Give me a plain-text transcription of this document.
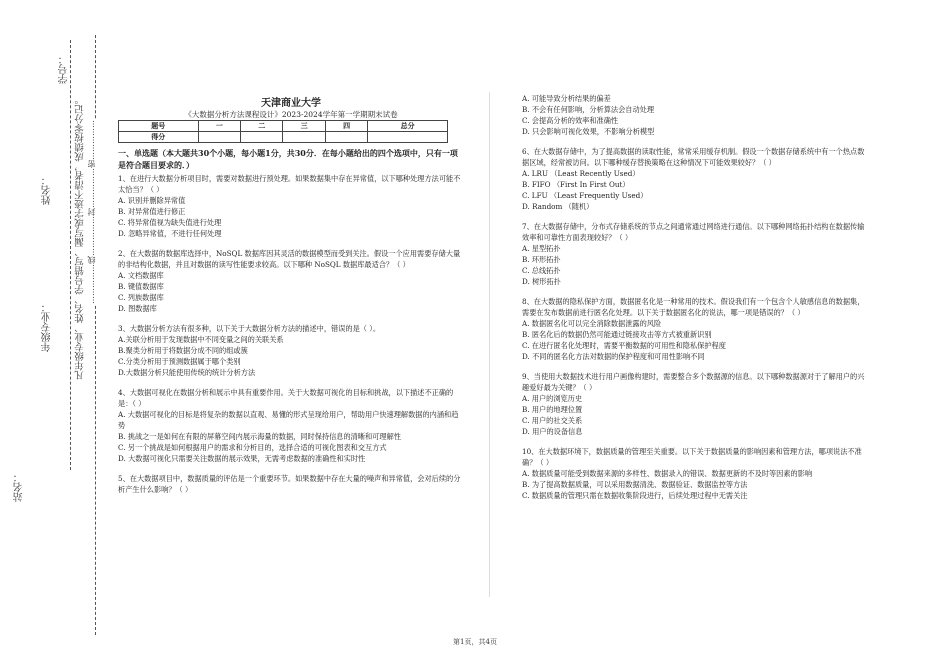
站名：
年级专业：
姓名：
学号：
凡年级专业、姓名、学号错写、漏写或字迹不清者，成绩按零分记。 ……………线……………封……………密……………

天津商业大学

《大数据分析方法课程设计》2023-2024学年第一学期期末试卷

题号	一	二	三	四	总分
得分					
一、单选题（本大题共30个小题，每小题1分，共30分．在每小题给出的四个选项中，只有一项是符合题目要求的．）

1、在进行大数据分析项目时，需要对数据进行预处理。如果数据集中存在异常值，以下哪种处理方法可能不太恰当？（ ）

A. 识别并删除异常值

B. 对异常值进行修正

C. 将异常值视为缺失值进行处理

D. 忽略异常值，不进行任何处理

2、在大数据的数据库选择中，NoSQL 数据库因其灵活的数据模型而受到关注。假设一个应用需要存储大量的非结构化数据，并且对数据的读写性能要求较高。以下哪种 NoSQL 数据库最适合？（ ）

A. 文档数据库

B. 键值数据库

C. 列族数据库

D. 图数据库

3、大数据分析方法有很多种，以下关于大数据分析方法的描述中，错误的是（ ）。

A.关联分析用于发现数据中不同变量之间的关联关系

B.聚类分析用于将数据分成不同的组或簇

C.分类分析用于预测数据属于哪个类别

D.大数据分析只能使用传统的统计分析方法

4、大数据可视化在数据分析和展示中具有重要作用。关于大数据可视化的目标和挑战，以下描述不正确的是：（ ）

A. 大数据可视化的目标是将复杂的数据以直观、易懂的形式呈现给用户，帮助用户快速理解数据的内涵和趋势

B. 挑战之一是如何在有限的屏幕空间内展示海量的数据，同时保持信息的清晰和可理解性

C. 另一个挑战是如何根据用户的需求和分析目的，选择合适的可视化图表和交互方式

D. 大数据可视化只需要关注数据的展示效果，无需考虑数据的准确性和实时性

5、在大数据项目中，数据质量的评估是一个重要环节。如果数据中存在大量的噪声和异常值，会对后续的分析产生什么影响？（ ）

A. 可能导致分析结果的偏差

B. 不会有任何影响，分析算法会自动处理

C. 会提高分析的效率和准确性

D. 只会影响可视化效果，不影响分析模型

6、在大数据存储中，为了提高数据的读取性能，常常采用缓存机制。假设一个数据存储系统中有一个热点数据区域，经常被访问。以下哪种缓存替换策略在这种情况下可能效果较好？（ ）

A. LRU （Least Recently Used）

B. FIFO （First In First Out）

C. LFU （Least Frequently Used）

D. Random （随机）

7、在大数据存储中，分布式存储系统的节点之间通常通过网络进行通信。以下哪种网络拓扑结构在数据传输效率和可靠性方面表现较好？（ ）

A. 星型拓扑

B. 环形拓扑

C. 总线拓扑

D. 树形拓扑

8、在大数据的隐私保护方面，数据匿名化是一种常用的技术。假设我们有一个包含个人敏感信息的数据集，需要在发布数据前进行匿名化处理。以下关于数据匿名化的说法，哪一项是错误的？（ ）

A. 数据匿名化可以完全消除数据泄露的风险

B. 匿名化后的数据仍然可能通过链接攻击等方式被重新识别

C. 在进行匿名化处理时，需要平衡数据的可用性和隐私保护程度

D. 不同的匿名化方法对数据的保护程度和可用性影响不同

9、当使用大数据技术进行用户画像构建时，需要整合多个数据源的信息。以下哪种数据源对于了解用户的兴趣爱好最为关键？（ ）

A. 用户的浏览历史

B. 用户的地理位置

C. 用户的社交关系

D. 用户的设备信息

10、在大数据环境下，数据质量的管理至关重要。以下关于数据质量的影响因素和管理方法，哪项说法不准确？（ ）

A. 数据质量可能受到数据来源的多样性、数据录入的错误、数据更新的不及时等因素的影响

B. 为了提高数据质量，可以采用数据清洗、数据验证、数据监控等方法

C. 数据质量的管理只需在数据收集阶段进行，后续处理过程中无需关注

第1页，共4页
